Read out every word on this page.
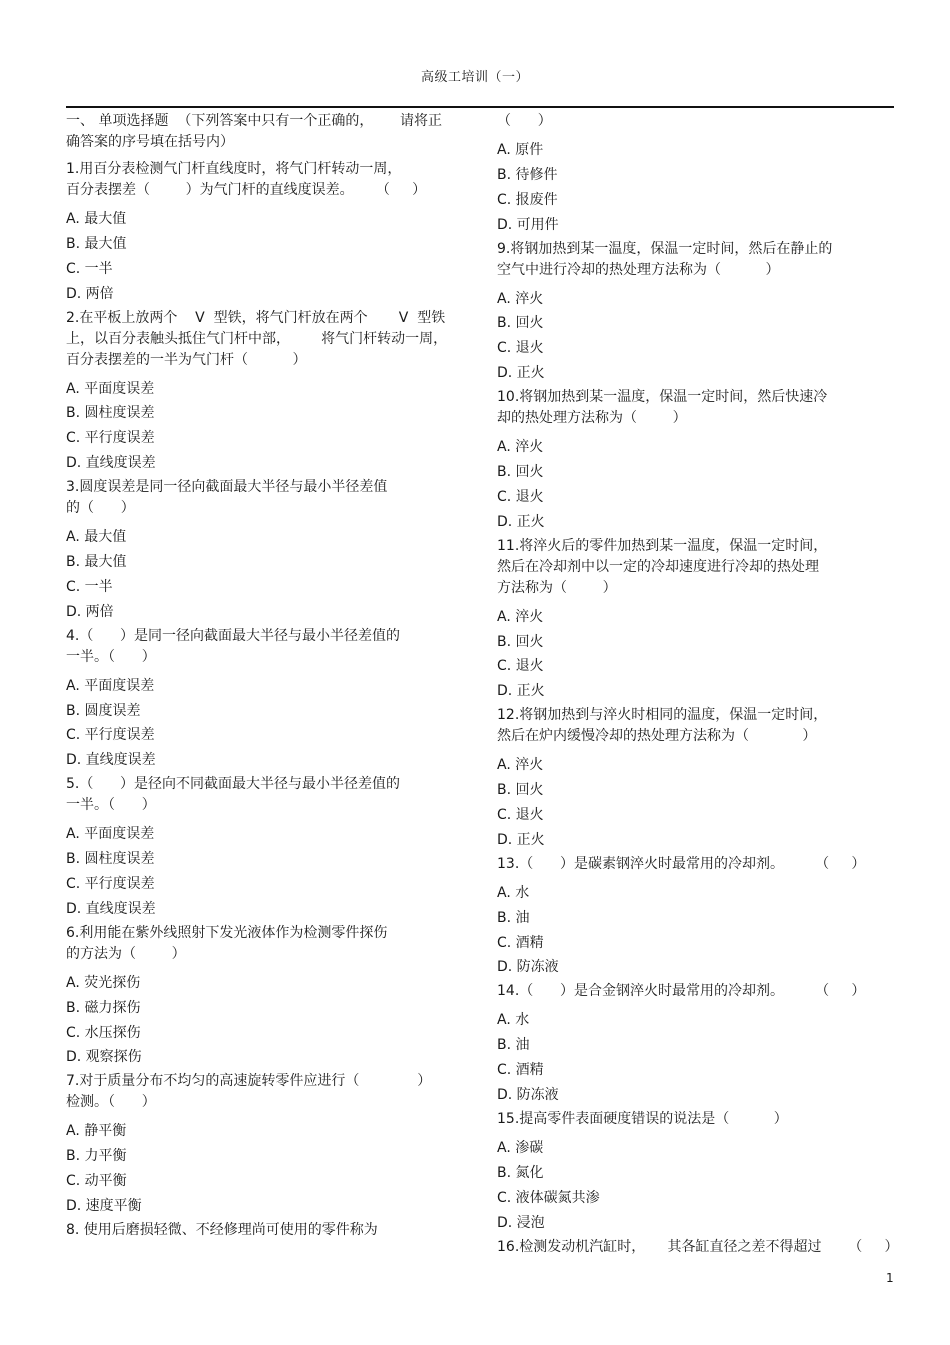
高级工培训（一）
一、 单项选择题  （下列答案中只有一个正确的，      请将正
确答案的序号填在括号内）
1.用百分表检测气门杆直线度时，将气门杆转动一周，
百分表摆差（        ）为气门杆的直线度误差。     （     ）
A. 最大值
B. 最大值
C. 一半
D. 两倍
2.在平板上放两个    V  型铁，将气门杆放在两个       V  型铁
上，以百分表触头抵住气门杆中部，       将气门杆转动一周，
百分表摆差的一半为气门杆（          ）
A. 平面度误差
B. 圆柱度误差
C. 平行度误差
D. 直线度误差
3.圆度误差是同一径向截面最大半径与最小半径差值
的（      ）
A. 最大值
B. 最大值
C. 一半
D. 两倍
4.（      ）是同一径向截面最大半径与最小半径差值的
一半。（      ）
A. 平面度误差
B. 圆度误差
C. 平行度误差
D. 直线度误差
5.（      ）是径向不同截面最大半径与最小半径差值的
一半。（      ）
A. 平面度误差
B. 圆柱度误差
C. 平行度误差
D. 直线度误差
6.利用能在紫外线照射下发光液体作为检测零件探伤
的方法为（        ）
A. 荧光探伤
B. 磁力探伤
C. 水压探伤
D. 观察探伤
7.对于质量分布不均匀的高速旋转零件应进行（             ）
检测。（      ）
A. 静平衡
B. 力平衡
C. 动平衡
D. 速度平衡
8. 使用后磨损轻微、不经修理尚可使用的零件称为
（      ）
A. 原件
B. 待修件
C. 报废件
D. 可用件
9.将钢加热到某一温度，保温一定时间，然后在静止的
空气中进行冷却的热处理方法称为（          ）
A. 淬火
B. 回火
C. 退火
D. 正火
10.将钢加热到某一温度，保温一定时间，然后快速冷
却的热处理方法称为（        ）
A. 淬火
B. 回火
C. 退火
D. 正火
11.将淬火后的零件加热到某一温度，保温一定时间，
然后在冷却剂中以一定的冷却速度进行冷却的热处理
方法称为（        ）
A. 淬火
B. 回火
C. 退火
D. 正火
12.将钢加热到与淬火时相同的温度，保温一定时间，
然后在炉内缓慢冷却的热处理方法称为（            ）
A. 淬火
B. 回火
C. 退火
D. 正火
13.（      ）是碳素钢淬火时最常用的冷却剂。       （     ）
A. 水
B. 油
C. 酒精
D. 防冻液
14.（      ）是合金钢淬火时最常用的冷却剂。       （     ）
A. 水
B. 油
C. 酒精
D. 防冻液
15.提高零件表面硬度错误的说法是（          ）
A. 渗碳
B. 氮化
C. 液体碳氮共渗
D. 浸泡
16.检测发动机汽缸时，     其各缸直径之差不得超过      （     ）
1
